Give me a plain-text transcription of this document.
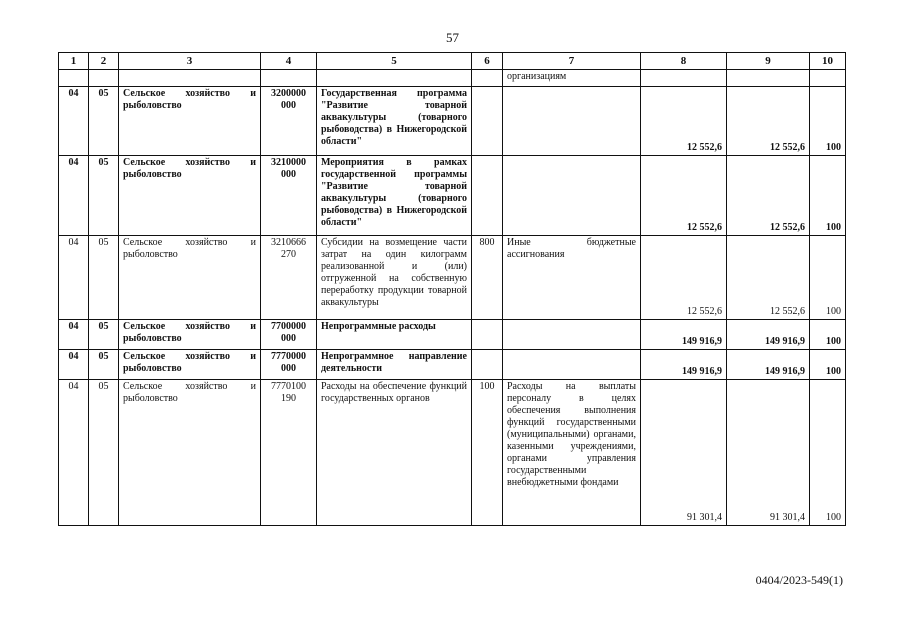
57
1	2	3	4	5	6	7	8	9	10
						организациям			
04	05	Сельское хозяйство и рыболовство	3200000 000	Государственная программа "Развитие товарной аквакультуры (товарного рыбоводства) в Нижегородской области"			12 552,6	12 552,6	100
04	05	Сельское хозяйство и рыболовство	3210000 000	Мероприятия в рамках государственной программы "Развитие товарной аквакультуры (товарного рыбоводства) в Нижегородской области"			12 552,6	12 552,6	100
04	05	Сельское хозяйство и рыболовство	3210666 270	Субсидии на возмещение части затрат на один килограмм реализованной и (или) отгруженной на собственную переработку продукции товарной аквакультуры	800	Иные бюджетные ассигнования	12 552,6	12 552,6	100
04	05	Сельское хозяйство и рыболовство	7700000 000	Непрограммные расходы			149 916,9	149 916,9	100
04	05	Сельское хозяйство и рыболовство	7770000 000	Непрограммное направление деятельности			149 916,9	149 916,9	100
04	05	Сельское хозяйство и рыболовство	7770100 190	Расходы на обеспечение функций государственных органов	100	Расходы на выплаты персоналу в целях обеспечения выполнения функций государственными (муниципальными) органами, казенными учреждениями, органами управления государственными внебюджетными фондами	91 301,4	91 301,4	100
0404/2023-549(1)
